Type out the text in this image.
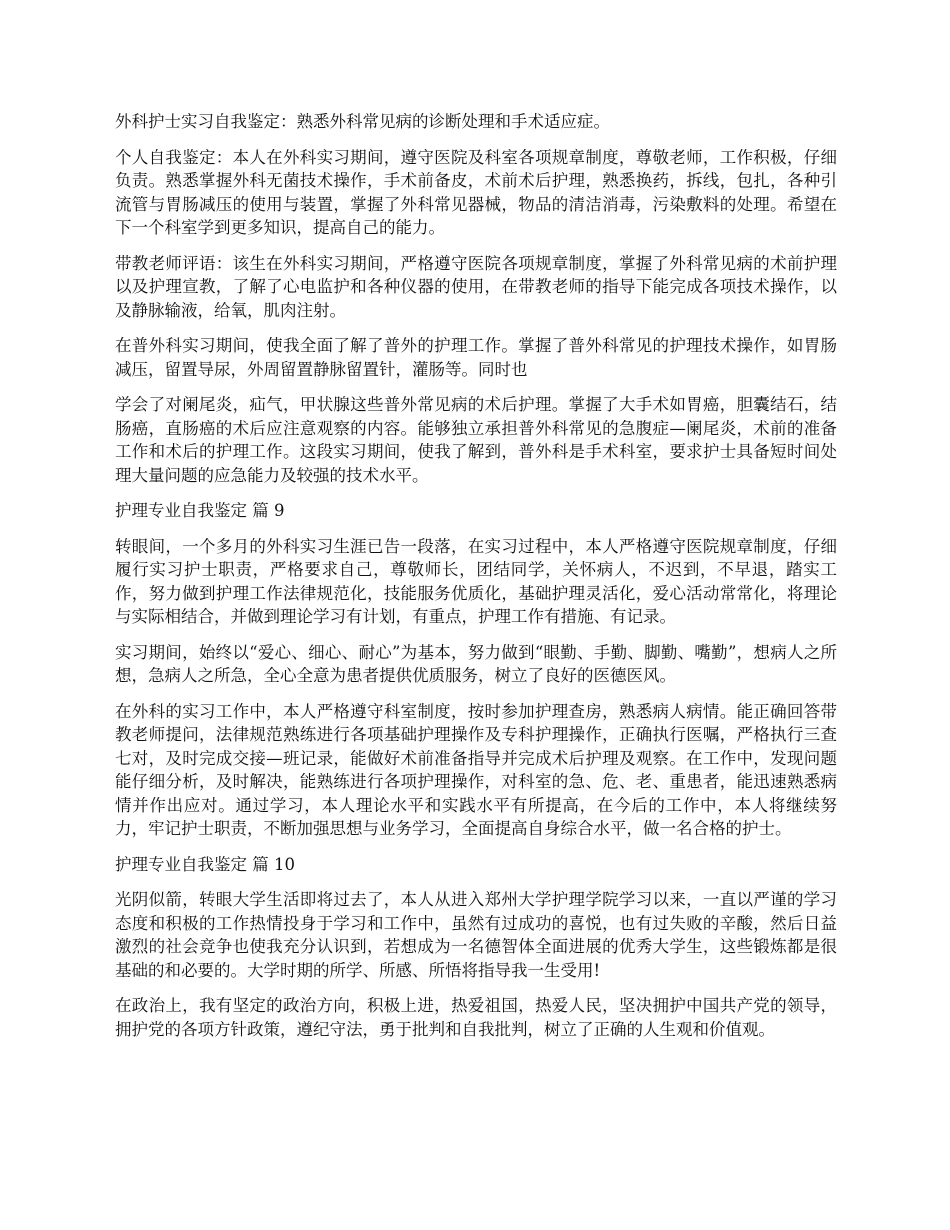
外科护士实习自我鉴定：熟悉外科常见病的诊断处理和手术适应症。

个人自我鉴定：本人在外科实习期间，遵守医院及科室各项规章制度，尊敬老师，工作积极，仔细负责。熟悉掌握外科无菌技术操作，手术前备皮，术前术后护理，熟悉换药，拆线，包扎，各种引流管与胃肠减压的使用与装置，掌握了外科常见器械，物品的清洁消毒，污染敷料的处理。希望在下一个科室学到更多知识，提高自己的能力。

带教老师评语：该生在外科实习期间，严格遵守医院各项规章制度，掌握了外科常见病的术前护理以及护理宣教，了解了心电监护和各种仪器的使用，在带教老师的指导下能完成各项技术操作，以及静脉输液，给氧，肌肉注射。

在普外科实习期间，使我全面了解了普外的护理工作。掌握了普外科常见的护理技术操作，如胃肠减压，留置导尿，外周留置静脉留置针，灌肠等。同时也

学会了对阑尾炎，疝气，甲状腺这些普外常见病的术后护理。掌握了大手术如胃癌，胆囊结石，结肠癌，直肠癌的术后应注意观察的内容。能够独立承担普外科常见的急腹症—阑尾炎，术前的准备工作和术后的护理工作。这段实习期间，使我了解到，普外科是手术科室，要求护士具备短时间处理大量问题的应急能力及较强的技术水平。

护理专业自我鉴定 篇 9

转眼间，一个多月的外科实习生涯已告一段落，在实习过程中，本人严格遵守医院规章制度，仔细履行实习护士职责，严格要求自己，尊敬师长，团结同学，关怀病人，不迟到，不早退，踏实工作，努力做到护理工作法律规范化，技能服务优质化，基础护理灵活化，爱心活动常常化，将理论与实际相结合，并做到理论学习有计划，有重点，护理工作有措施、有记录。

实习期间，始终以“爱心、细心、耐心”为基本，努力做到“眼勤、手勤、脚勤、嘴勤”，想病人之所想，急病人之所急，全心全意为患者提供优质服务，树立了良好的医德医风。

在外科的实习工作中，本人严格遵守科室制度，按时参加护理查房，熟悉病人病情。能正确回答带教老师提问，法律规范熟练进行各项基础护理操作及专科护理操作，正确执行医嘱，严格执行三查七对，及时完成交接—班记录，能做好术前准备指导并完成术后护理及观察。在工作中，发现问题能仔细分析，及时解决，能熟练进行各项护理操作，对科室的急、危、老、重患者，能迅速熟悉病情并作出应对。通过学习，本人理论水平和实践水平有所提高，在今后的工作中，本人将继续努力，牢记护士职责，不断加强思想与业务学习，全面提高自身综合水平，做一名合格的护士。

护理专业自我鉴定 篇 10

光阴似箭，转眼大学生活即将过去了，本人从进入郑州大学护理学院学习以来，一直以严谨的学习态度和积极的工作热情投身于学习和工作中，虽然有过成功的喜悦，也有过失败的辛酸，然后日益激烈的社会竞争也使我充分认识到，若想成为一名德智体全面进展的优秀大学生，这些锻炼都是很基础的和必要的。大学时期的所学、所感、所悟将指导我一生受用!

在政治上，我有坚定的政治方向，积极上进，热爱祖国，热爱人民，坚决拥护中国共产党的领导，拥护党的各项方针政策，遵纪守法，勇于批判和自我批判，树立了正确的人生观和价值观。
